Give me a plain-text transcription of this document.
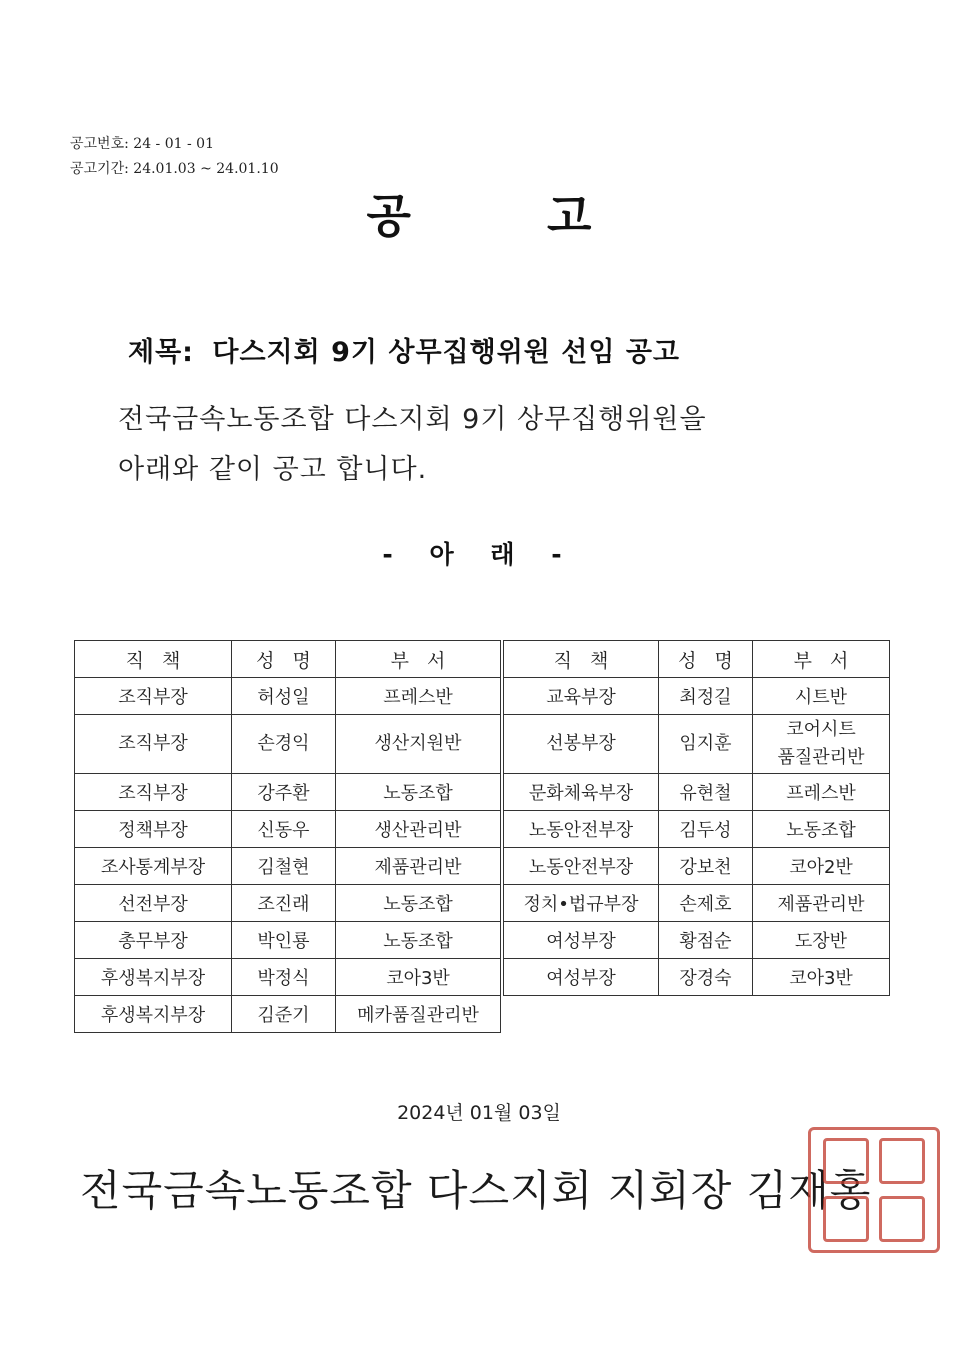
공고번호: 24 - 01 - 01
공고기간: 24.01.03 ~ 24.01.10
공 고
제목: 다스지회 9기 상무집행위원 선임 공고
전국금속노동조합 다스지회 9기 상무집행위원을
아래와 같이 공고 합니다.
- 아 래 -
직책	성명	부서
조직부장	허성일	프레스반
조직부장	손경익	생산지원반
조직부장	강주환	노동조합
정책부장	신동우	생산관리반
조사통계부장	김철현	제품관리반
선전부장	조진래	노동조합
총무부장	박인룡	노동조합
후생복지부장	박정식	코아3반
후생복지부장	김준기	메카품질관리반
직책	성명	부서
교육부장	최정길	시트반
선봉부장	임지훈	코어시트
품질관리반

문화체육부장	유현철	프레스반
노동안전부장	김두성	노동조합
노동안전부장	강보천	코아2반
정치•법규부장	손제호	제품관리반
여성부장	황점순	도장반
여성부장	장경숙	코아3반
2024년 01월 03일
전국금속노동조합 다스지회 지회장 김재홍
